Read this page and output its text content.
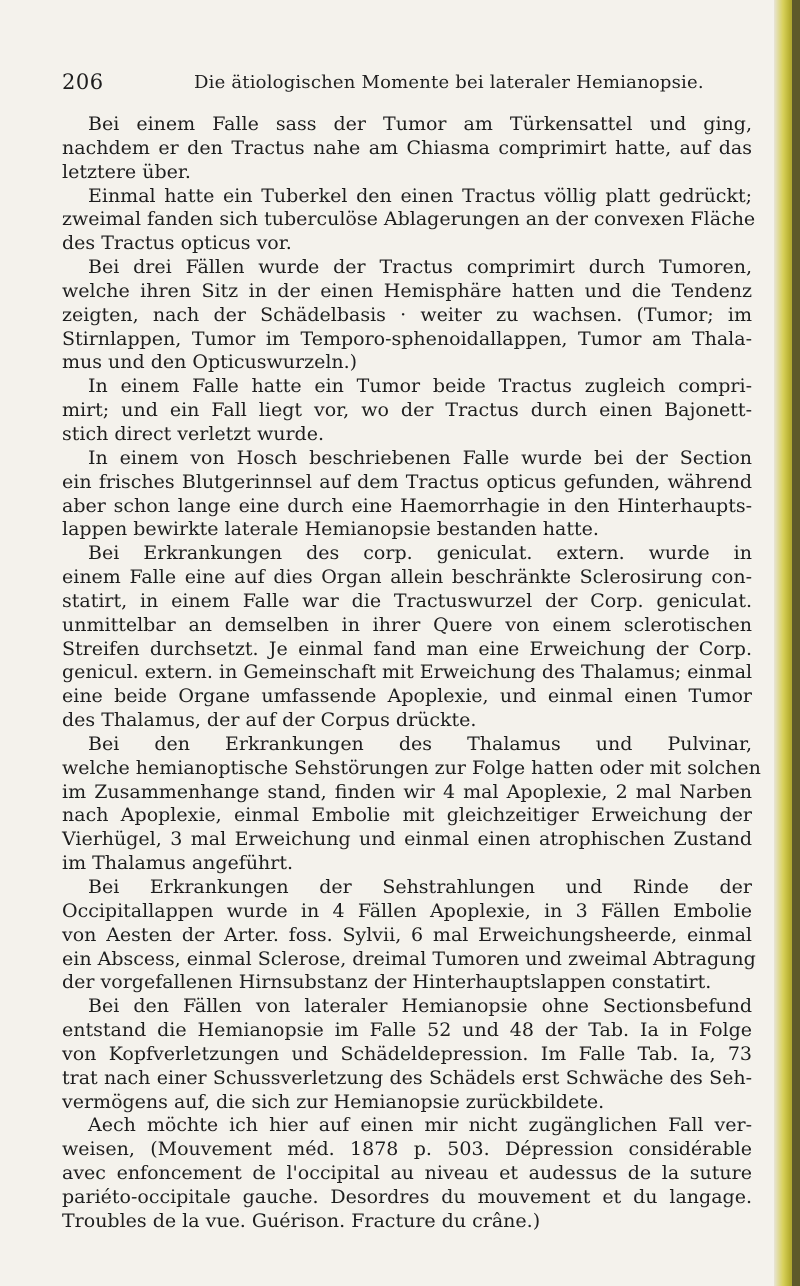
206	Die ätiologischen Momente bei lateraler Hemianopsie.
Bei einem Falle sass der Tumor am Türkensattel und ging,
nachdem er den Tractus nahe am Chiasma comprimirt hatte, auf das
letztere über.
Einmal hatte ein Tuberkel den einen Tractus völlig platt gedrückt;
zweimal fanden sich tuberculöse Ablagerungen an der convexen Fläche
des Tractus opticus vor.
Bei drei Fällen wurde der Tractus comprimirt durch Tumoren,
welche ihren Sitz in der einen Hemisphäre hatten und die Tendenz
zeigten, nach der Schädelbasis · weiter zu wachsen. (Tumor; im
Stirnlappen, Tumor im Temporo-sphenoidallappen, Tumor am Thala-
mus und den Opticuswurzeln.)
In einem Falle hatte ein Tumor beide Tractus zugleich compri-
mirt; und ein Fall liegt vor, wo der Tractus durch einen Bajonett-
stich direct verletzt wurde.
In einem von Hosch beschriebenen Falle wurde bei der Section
ein frisches Blutgerinnsel auf dem Tractus opticus gefunden, während
aber schon lange eine durch eine Haemorrhagie in den Hinterhaupts-
lappen bewirkte laterale Hemianopsie bestanden hatte.
Bei Erkrankungen des corp. geniculat. extern. wurde in
einem Falle eine auf dies Organ allein beschränkte Sclerosirung con-
statirt, in einem Falle war die Tractuswurzel der Corp. geniculat.
unmittelbar an demselben in ihrer Quere von einem sclerotischen
Streifen durchsetzt. Je einmal fand man eine Erweichung der Corp.
genicul. extern. in Gemeinschaft mit Erweichung des Thalamus; einmal
eine beide Organe umfassende Apoplexie, und einmal einen Tumor
des Thalamus, der auf der Corpus drückte.
Bei den Erkrankungen des Thalamus und Pulvinar,
welche hemianoptische Sehstörungen zur Folge hatten oder mit solchen
im Zusammenhange stand, finden wir 4 mal Apoplexie, 2 mal Narben
nach Apoplexie, einmal Embolie mit gleichzeitiger Erweichung der
Vierhügel, 3 mal Erweichung und einmal einen atrophischen Zustand
im Thalamus angeführt.
Bei Erkrankungen der Sehstrahlungen und Rinde der
Occipitallappen wurde in 4 Fällen Apoplexie, in 3 Fällen Embolie
von Aesten der Arter. foss. Sylvii, 6 mal Erweichungsheerde, einmal
ein Abscess, einmal Sclerose, dreimal Tumoren und zweimal Abtragung
der vorgefallenen Hirnsubstanz der Hinterhauptslappen constatirt.
Bei den Fällen von lateraler Hemianopsie ohne Sectionsbefund
entstand die Hemianopsie im Falle 52 und 48 der Tab. Ia in Folge
von Kopfverletzungen und Schädeldepression. Im Falle Tab. Ia, 73
trat nach einer Schussverletzung des Schädels erst Schwäche des Seh-
vermögens auf, die sich zur Hemianopsie zurückbildete.
Aech möchte ich hier auf einen mir nicht zugänglichen Fall ver-
weisen, (Mouvement méd. 1878 p. 503. Dépression considérable
avec enfoncement de l'occipital au niveau et audessus de la suture
pariéto-occipitale gauche. Desordres du mouvement et du langage.
Troubles de la vue. Guérison. Fracture du crâne.)
